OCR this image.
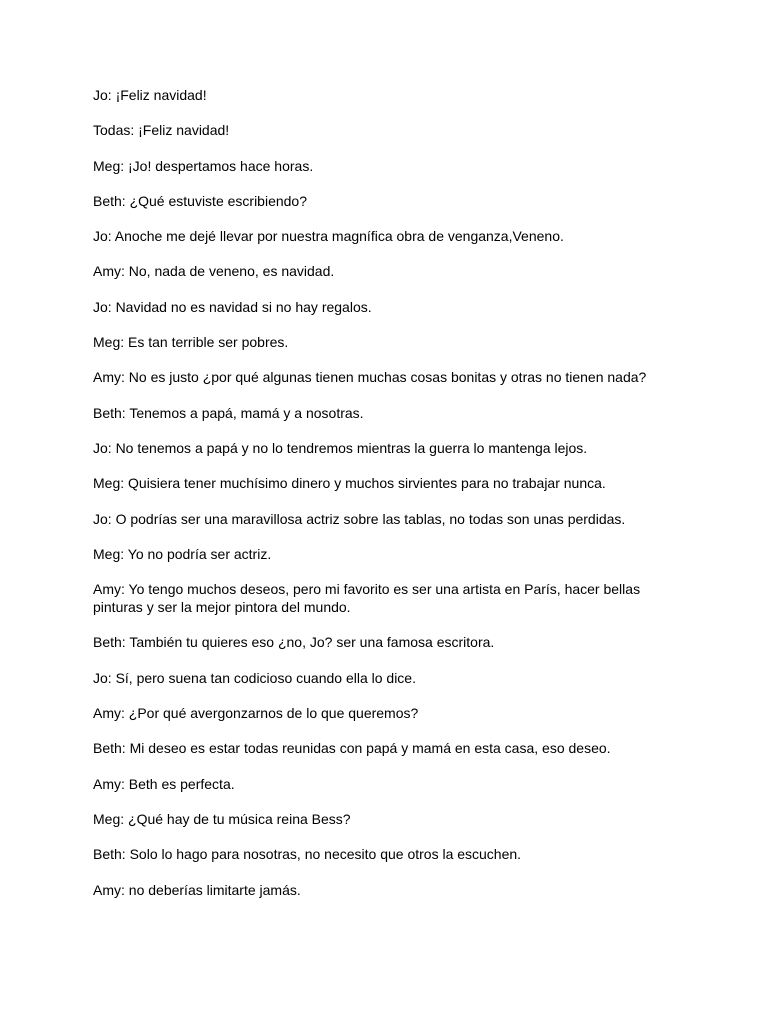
Jo: ¡Feliz navidad!

Todas: ¡Feliz navidad!

Meg: ¡Jo! despertamos hace horas.

Beth: ¿Qué estuviste escribiendo?

Jo: Anoche me dejé llevar por nuestra magnífica obra de venganza,Veneno.

Amy: No, nada de veneno, es navidad.

Jo: Navidad no es navidad si no hay regalos.

Meg: Es tan terrible ser pobres.

Amy: No es justo ¿por qué algunas tienen muchas cosas bonitas y otras no tienen nada?

Beth: Tenemos a papá, mamá y a nosotras.

Jo: No tenemos a papá y no lo tendremos mientras la guerra lo mantenga lejos.

Meg: Quisiera tener muchísimo dinero y muchos sirvientes para no trabajar nunca.

Jo: O podrías ser una maravillosa actriz sobre las tablas, no todas son unas perdidas.

Meg: Yo no podría ser actriz.

Amy: Yo tengo muchos deseos, pero mi favorito es ser una artista en París, hacer bellas pinturas y ser la mejor pintora del mundo.

Beth: También tu quieres eso ¿no, Jo? ser una famosa escritora.

Jo: Sí, pero suena tan codicioso cuando ella lo dice.

Amy: ¿Por qué avergonzarnos de lo que queremos?

Beth: Mi deseo es estar todas reunidas con papá y mamá en esta casa, eso deseo.

Amy: Beth es perfecta.

Meg: ¿Qué hay de tu música reina Bess?

Beth: Solo lo hago para nosotras, no necesito que otros la escuchen.

Amy: no deberías limitarte jamás.
